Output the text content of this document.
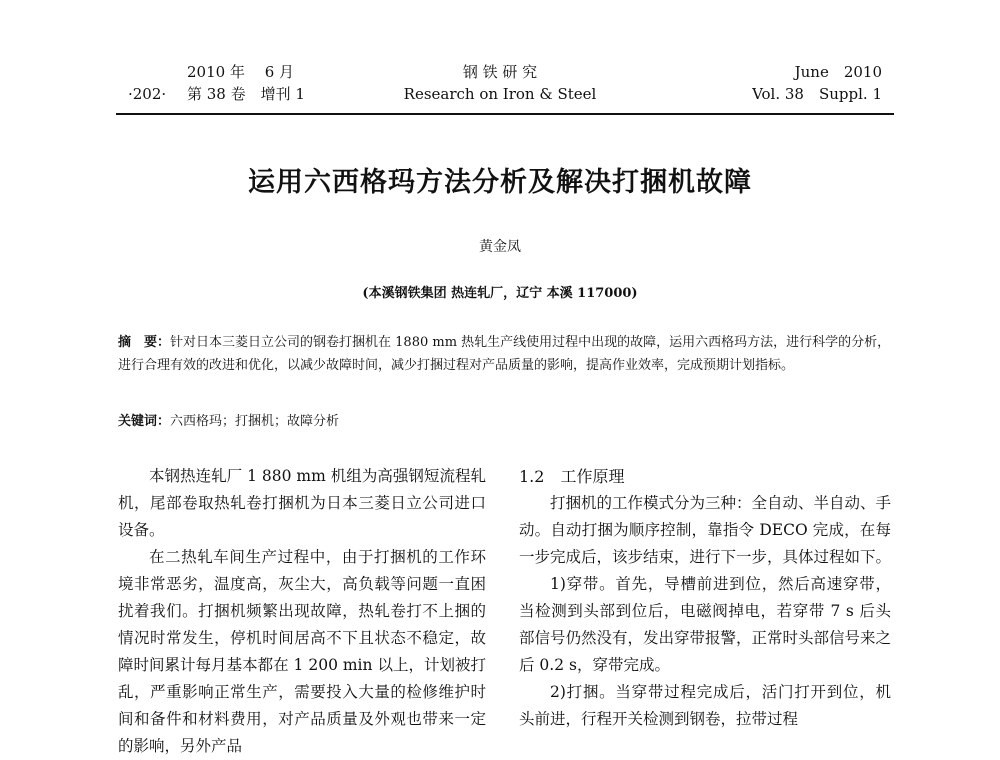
·202·
2010 年　 6 月
第 38 卷　增刊 1
钢 铁 研 究
Research on Iron & Steel
June　2010
Vol. 38　Suppl. 1
运用六西格玛方法分析及解决打捆机故障
黄金凤
(本溪钢铁集团 热连轧厂，辽宁 本溪 117000)
摘　要：针对日本三菱日立公司的钢卷打捆机在 1880 mm 热轧生产线使用过程中出现的故障，运用六西格玛方法，进行科学的分析，进行合理有效的改进和优化，以减少故障时间，减少打捆过程对产品质量的影响，提高作业效率，完成预期计划指标。
关键词：六西格玛；打捆机；故障分析

本钢热连轧厂 1 880 mm 机组为高强钢短流程轧机，尾部卷取热轧卷打捆机为日本三菱日立公司进口设备。

在二热轧车间生产过程中，由于打捆机的工作环境非常恶劣，温度高，灰尘大，高负载等问题一直困扰着我们。打捆机频繁出现故障，热轧卷打不上捆的情况时常发生，停机时间居高不下且状态不稳定，故障时间累计每月基本都在 1 200 min 以上，计划被打乱，严重影响正常生产，需要投入大量的检修维护时间和备件和材料费用，对产品质量及外观也带来一定的影响，另外产品

1.2 工作原理

打捆机的工作模式分为三种：全自动、半自动、手动。自动打捆为顺序控制，靠指令 DECO 完成，在每一步完成后，该步结束，进行下一步，具体过程如下。

1)穿带。首先，导槽前进到位，然后高速穿带，当检测到头部到位后，电磁阀掉电，若穿带 7 s 后头部信号仍然没有，发出穿带报警，正常时头部信号来之后 0.2 s，穿带完成。

2)打捆。当穿带过程完成后，活门打开到位，机头前进，行程开关检测到钢卷，拉带过程
